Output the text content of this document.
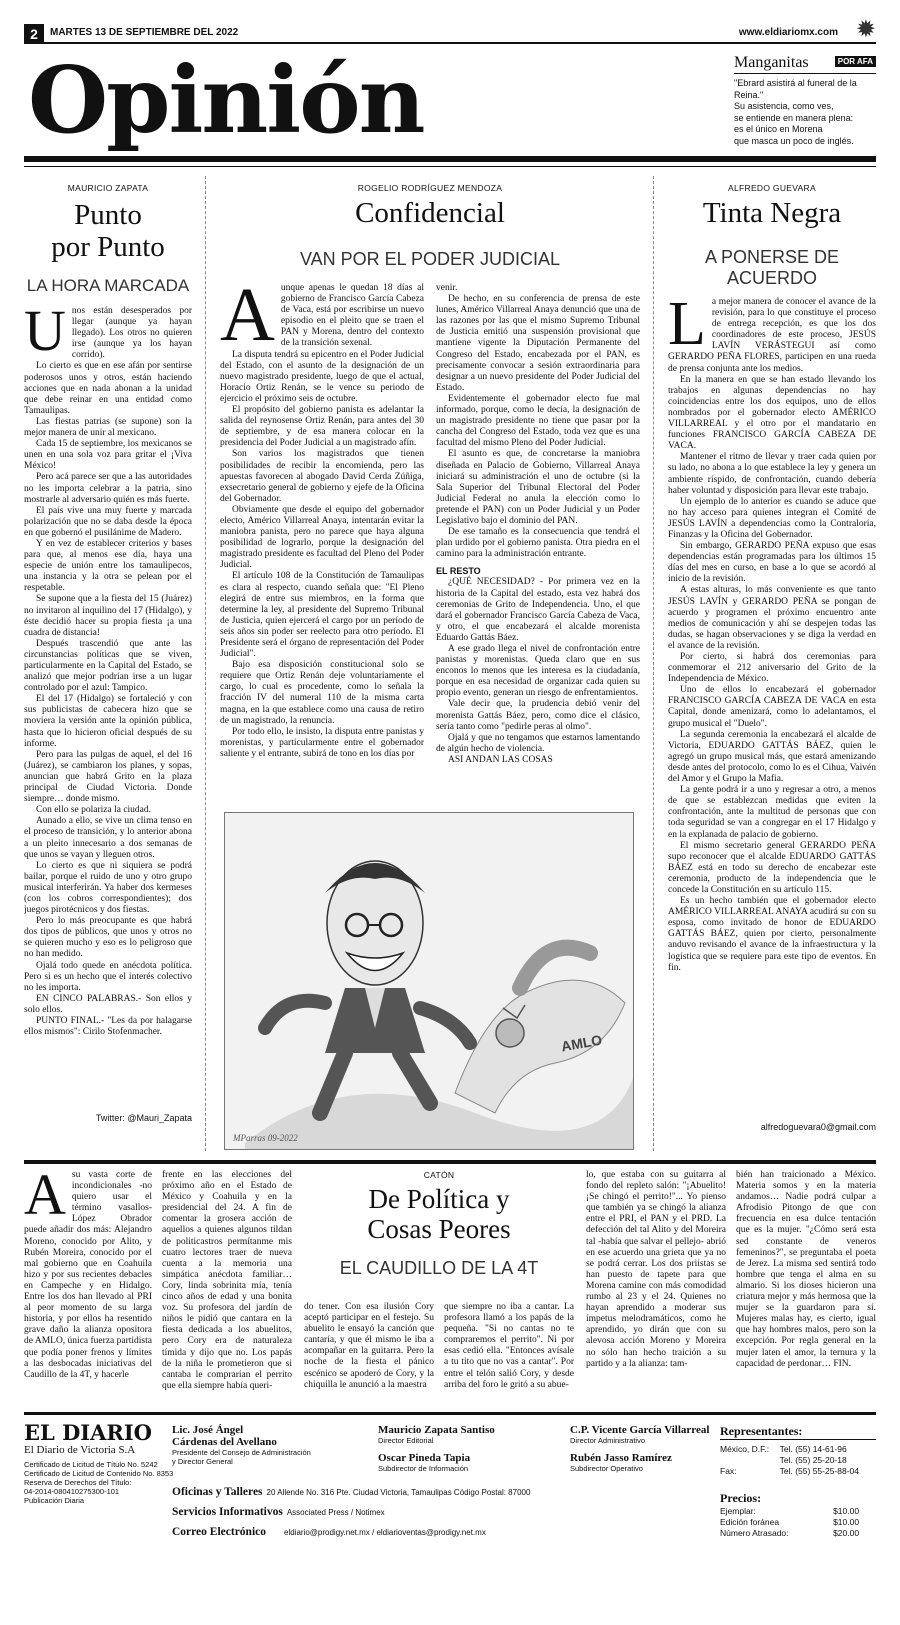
2	MARTES 13 DE SEPTIEMBRE DEL 2022	www.eldiariomx.com ✹
Opinión	Manganitas	POR AFA
"Ebrard asistirá al funeral de la Reina."
Su asistencia, como ves,
se entiende en manera plena:
es el único en Morena
que masca un poco de inglés.
MAURICIO ZAPATA
Punto
por Punto
LA HORA MARCADA
U nos están desesperados por llegar (aunque ya hayan llegado). Los otros no quieren irse (aunque ya los hayan corrido).

Lo cierto es que en ese afán por sentirse poderosos unos y otros, están haciendo acciones que en nada abonan a la unidad que debe reinar en una entidad como Tamaulipas.

Las fiestas patrias (se supone) son la mejor manera de unir al mexicano.

Cada 15 de septiembre, los mexicanos se unen en una sola voz para gritar el ¡Viva México!

Pero acá parece ser que a las autoridades no les importa celebrar a la patria, sino mostrarle al adversario quién es más fuerte.

El país vive una muy fuerte y marcada polarización que no se daba desde la época en que gobernó el pusilánime de Madero.

Y en vez de establecer criterios y bases para que, al menos ese día, haya una especie de unión entre los tamaulipecos, una instancia y la otra se pelean por el respetable.

Se supone que a la fiesta del 15 (Juárez) no invitaron al inquilino del 17 (Hidalgo), y éste decidió hacer su propia fiesta ¡a una cuadra de distancia!

Después trascendió que ante las circunstancias políticas que se viven, particularmente en la Capital del Estado, se analizó que mejor podrían irse a un lugar controlado por el azul: Tampico.

El del 17 (Hidalgo) se fortaleció y con sus publicistas de cabecera hizo que se moviera la versión ante la opinión pública, hasta que lo hicieron oficial después de su informe.

Pero para las pulgas de aquel, el del 16 (Juárez), se cambiaron los planes, y sopas, anuncian que habrá Grito en la plaza principal de Ciudad Victoria. Donde siempre… donde mismo.

Con ello se polariza la ciudad.

Aunado a ello, se vive un clima tenso en el proceso de transición, y lo anterior abona a un pleito innecesario a dos semanas de que unos se vayan y lleguen otros.

Lo cierto es que ni siquiera se podrá bailar, porque el ruido de uno y otro grupo musical interferirán. Ya haber dos kermeses (con los cobros correspondientes); dos juegos pirotécnicos y dos fiestas.

Pero lo más preocupante es que habrá dos tipos de públicos, que unos y otros no se quieren mucho y eso es lo peligroso que no han medido.

Ojalá todo quede en anécdota política. Pero si es un hecho que el interés colectivo no les importa.

EN CINCO PALABRAS.- Son ellos y solo ellos.

PUNTO FINAL.- "Les da por halagarse ellos mismos": Cirilo Stofenmacher.

Twitter: @Mauri_Zapata
ROGELIO RODRÍGUEZ MENDOZA
Confidencial
VAN POR EL PODER JUDICIAL
A unque apenas le quedan 18 días al gobierno de Francisco García Cabeza de Vaca, está por escribirse un nuevo episodio en el pleito que se traen el PAN y Morena, dentro del contexto de la transición sexenal.

La disputa tendrá su epicentro en el Poder Judicial del Estado, con el asunto de la designación de un nuevo magistrado presidente, luego de que el actual, Horacio Ortiz Renán, se le vence su periodo de ejercicio el próximo seis de octubre.

El propósito del gobierno panista es adelantar la salida del reynosense Ortiz Renán, para antes del 30 de septiembre, y de esa manera colocar en la presidencia del Poder Judicial a un magistrado afín.

Son varios los magistrados que tienen posibilidades de recibir la encomienda, pero las apuestas favorecen al abogado David Cerda Zúñiga, exsecretario general de gobierno y ejefe de la Oficina del Gobernador.

Obviamente que desde el equipo del gobernador electo, Américo Villarreal Anaya, intentarán evitar la maniobra panista, pero no parece que haya alguna posibilidad de lograrlo, porque la designación del magistrado presidente es facultad del Pleno del Poder Judicial.

El artículo 108 de la Constitución de Tamaulipas es clara al respecto, cuando señala que: "El Pleno elegirá de entre sus miembros, en la forma que determine la ley, al presidente del Supremo Tribunal de Justicia, quien ejercerá el cargo por un período de seis años sin poder ser reelecto para otro período. El Presidente será el órgano de representación del Poder Judicial".

Bajo esa disposición constitucional solo se requiere que Ortiz Renán deje voluntariamente el cargo, lo cual es procedente, como lo señala la fracción IV del numeral 110 de la misma carta magna, en la que establece como una causa de retiro de un magistrado, la renuncia.

Por todo ello, le insisto, la disputa entre panistas y morenistas, y particularmente entre el gobernador saliente y el entrante, subirá de tono en los días por

venir.

De hecho, en su conferencia de prensa de este lunes, Américo Villarreal Anaya denunció que una de las razones por las que el mismo Supremo Tribunal de Justicia emitió una suspensión provisional que mantiene vigente la Diputación Permanente del Congreso del Estado, encabezada por el PAN, es precisamente convocar a sesión extraordinaria para designar a un nuevo presidente del Poder Judicial del Estado.

Evidentemente el gobernador electo fue mal informado, porque, como le decía, la designación de un magistrado presidente no tiene que pasar por la cancha del Congreso del Estado, toda vez que es una facultad del mismo Pleno del Poder Judicial.

El asunto es que, de concretarse la maniobra diseñada en Palacio de Gobierno, Villarreal Anaya iniciará su administración el uno de octubre (si la Sala Superior del Tribunal Electoral del Poder Judicial Federal no anula la elección como lo pretende el PAN) con un Poder Judicial y un Poder Legislativo bajo el dominio del PAN.

De ese tamaño es la consecuencia que tendrá el plan urdido por el gobierno panista. Otra piedra en el camino para la administración entrante.

EL RESTO

¿QUÉ NECESIDAD? - Por primera vez en la historia de la Capital del estado, esta vez habrá dos ceremonias de Grito de Independencia. Uno, el que dará el gobernador Francisco García Cabeza de Vaca, y otro, el que encabezará el alcalde morenista Eduardo Gattás Báez.

A ese grado llega el nivel de confrontación entre panistas y morenistas. Queda claro que en sus enconos lo menos que les interesa es la ciudadanía, porque en esa necesidad de organizar cada quien su propio evento, generan un riesgo de enfrentamientos.

Vale decir que, la prudencia debió venir del morenista Gattás Báez, pero, como dice el clásico, sería tanto como "pedirle peras al olmo".

Ojalá y que no tengamos que estarnos lamentando de algún hecho de violencia.

ASI ANDAN LAS COSAS

AMLO
MParras 09-2022
ALFREDO GUEVARA
Tinta Negra
A PONERSE DE
ACUERDO
L a mejor manera de conocer el avance de la revisión, para lo que constituye el proceso de entrega recepción, es que los dos coordinadores de este proceso, JESÚS LAVÍN VERÁSTEGUI así como GERARDO PEÑA FLORES, participen en una rueda de prensa conjunta ante los medios.

En la manera en que se han estado llevando los trabajos en algunas dependencias no hay coincidencias entre los dos equipos, uno de ellos nombrados por el gobernador electo AMÉRICO VILLARREAL y el otro por el mandatario en funciones FRANCISCO GARCÍA CABEZA DE VACA.

Mantener el ritmo de llevar y traer cada quien por su lado, no abona a lo que establece la ley y genera un ambiente ríspido, de confrontación, cuando debería haber voluntad y disposición para llevar este trabajo.

Un ejemplo de lo anterior es cuando se aduce que no hay acceso para quienes integran el Comité de JESÚS LAVÍN a dependencias como la Contraloría, Finanzas y la Oficina del Gobernador.

Sin embargo, GERARDO PEÑA expuso que esas dependencias están programadas para los últimos 15 días del mes en curso, en base a lo que se acordó al inicio de la revisión.

A estas alturas, lo más conveniente es que tanto JESÚS LAVÍN y GERARDO PEÑA se pongan de acuerdo y programen el próximo encuentro ante medios de comunicación y ahí se despejen todas las dudas, se hagan observaciones y se diga la verdad en el avance de la revisión.

Por cierto, si habrá dos ceremonias para conmemorar el 212 aniversario del Grito de la Independencia de México.

Uno de ellos lo encabezará el gobernador FRANCISCO GARCÍA CABEZA DE VACA en esta Capital, donde amenizará, como lo adelantamos, el grupo musical el "Duelo".

La segunda ceremonia la encabezará el alcalde de Victoria, EDUARDO GATTÁS BÁEZ, quien le agregó un grupo musical más, que estará amenizando desde antes del protocolo, como lo es el Cihua, Vaivén del Amor y el Grupo la Mafia.

La gente podrá ir a uno y regresar a otro, a menos de que se establezcan medidas que eviten la confrontación, ante la multitud de personas que con toda seguridad se van a congregar en el 17 Hidalgo y en la explanada de palacio de gobierno.

El mismo secretario general GERARDO PEÑA supo reconocer que el alcalde EDUARDO GATTÁS BÁEZ está en todo su derecho de encabezar este ceremonia, producto de la independencia que le concede la Constitución en su artículo 115.

Es un hecho también que el gobernador electo AMÉRICO VILLARREAL ANAYA acudirá su con su esposa, como invitado de honor de EDUARDO GATTÁS BÁEZ, quien por cierto, personalmente anduvo revisando el avance de la infraestructura y la logística que se requiere para este tipo de eventos. En fin.

alfredoguevara0@gmail.com
A su vasta corte de incondicionales -no quiero usar el término vasallos- López Obrador puede añadir dos más: Alejandro Moreno, conocido por Alito, y Rubén Moreira, conocido por el mal gobierno que en Coahuila hizo y por sus recientes debacles en Campeche y en Hidalgo. Entre los dos han llevado al PRI al peor momento de su larga historia, y por ellos ha resentido grave daño la alianza opositora de AMLO, única fuerza partidista que podía poner frenos y límites a las desbocadas iniciativas del Caudillo de la 4T, y hacerle

frente en las elecciones del próximo año en el Estado de México y Coahuila y en la presidencial del 24. A fin de comentar la grosera acción de aquellos a quienes algunos tildan de politicastros permítanme mis cuatro lectores traer de nueva cuenta a la memoria una simpática anécdota familiar… Cory, linda sobrinita mía, tenía cinco años de edad y una bonita voz. Su profesora del jardín de niños le pidió que cantara en la fiesta dedicada a los abuelitos, pero Cory era de naturaleza tímida y dijo que no. Los papás de la niña le prometieron que si cantaba le comprarían el perrito que ella siempre había queri-

CATÓN
De Política y
Cosas Peores
EL CAUDILLO DE LA 4T

do tener. Con esa ilusión Cory aceptó participar en el festejo. Su abuelito le ensayó la canción que cantaría, y que él mismo le iba a acompañar en la guitarra. Pero la noche de la fiesta el pánico escénico se apoderó de Cory, y la chiquilla le anunció a la maestra

que siempre no iba a cantar. La profesora llamó a los papás de la pequeña. "Si no cantas no te compraremos el perrito". Ni por esas cedió ella. "Entonces avísale a tu tito que no vas a cantar". Por entre el telón salió Cory, y desde arriba del foro le gritó a su abue-

lo, que estaba con su guitarra al fondo del repleto salón: "¡Abuelito! ¡Se chingó el perrito!"... Yo pienso que también ya se chingó la alianza entre el PRI, el PAN y el PRD. La defección del tal Alito y del Moreira tal -había que salvar el pellejo- abrió en ese acuerdo una grieta que ya no se podrá cerrar. Los dos priistas se han puesto de tapete para que Morena camine con más comodidad rumbo al 23 y el 24. Quienes no hayan aprendido a moderar sus ímpetus melodramáticos, como he aprendido, yo dirán que con su alevosa acción Moreno y Moreira no sólo han hecho traición a su partido y a la alianza: tam-

bién han traicionado a México. Materia somos y en la materia andamos… Nadie podrá culpar a Afrodisio Pitongo de que con frecuencia en esa dulce tentación que es la mujer. "¿Cómo será esta sed constante de veneros femeninos?", se preguntaba el poeta de Jerez. La misma sed sentirá todo hombre que tenga el alma en su almario. Si los dioses hicieron una criatura mejor y más hermosa que la mujer se la guardaron para sí. Mujeres malas hay, es cierto, igual que hay hombres malos, pero son la excepción. Por regla general en la mujer laten el amor, la ternura y la capacidad de perdonar… FIN.

EL DIARIO
El Diario de Victoria S.A
Certificado de Licitud de Título No. 5242
Certificado de Licitud de Contenido No. 8353
Reserva de Derechos del Título:
04-2014-080410275300-101
Publicación Diaria
Lic. José Ángel
Cárdenas del Avellano
Presidente del Consejo de Administración
y Director General
Mauricio Zapata Santiso
Director Editorial
Oscar Pineda Tapia
Subdirector de Información
C.P. Vicente García Villarreal
Director Administrativo
Rubén Jasso Ramírez
Subdirector Operativo
Oficinas y Talleres 20 Allende No. 316 Pte. Ciudad Victoria, Tamaulipas Código Postal: 87000
Servicios Informativos Associated Press / Notimex
Correo Electrónico eldiario@prodigy.net.mx / eldiarioventas@prodigy.net.mx
Representantes:
México, D.F.:	Tel. (55) 14-61-96
	Tel. (55) 25-20-18
Fax:	Tel. (55) 55-25-88-04
Precios:
Ejemplar:	$10.00
Edición foránea	$10.00
Número Atrasado:	$20.00
